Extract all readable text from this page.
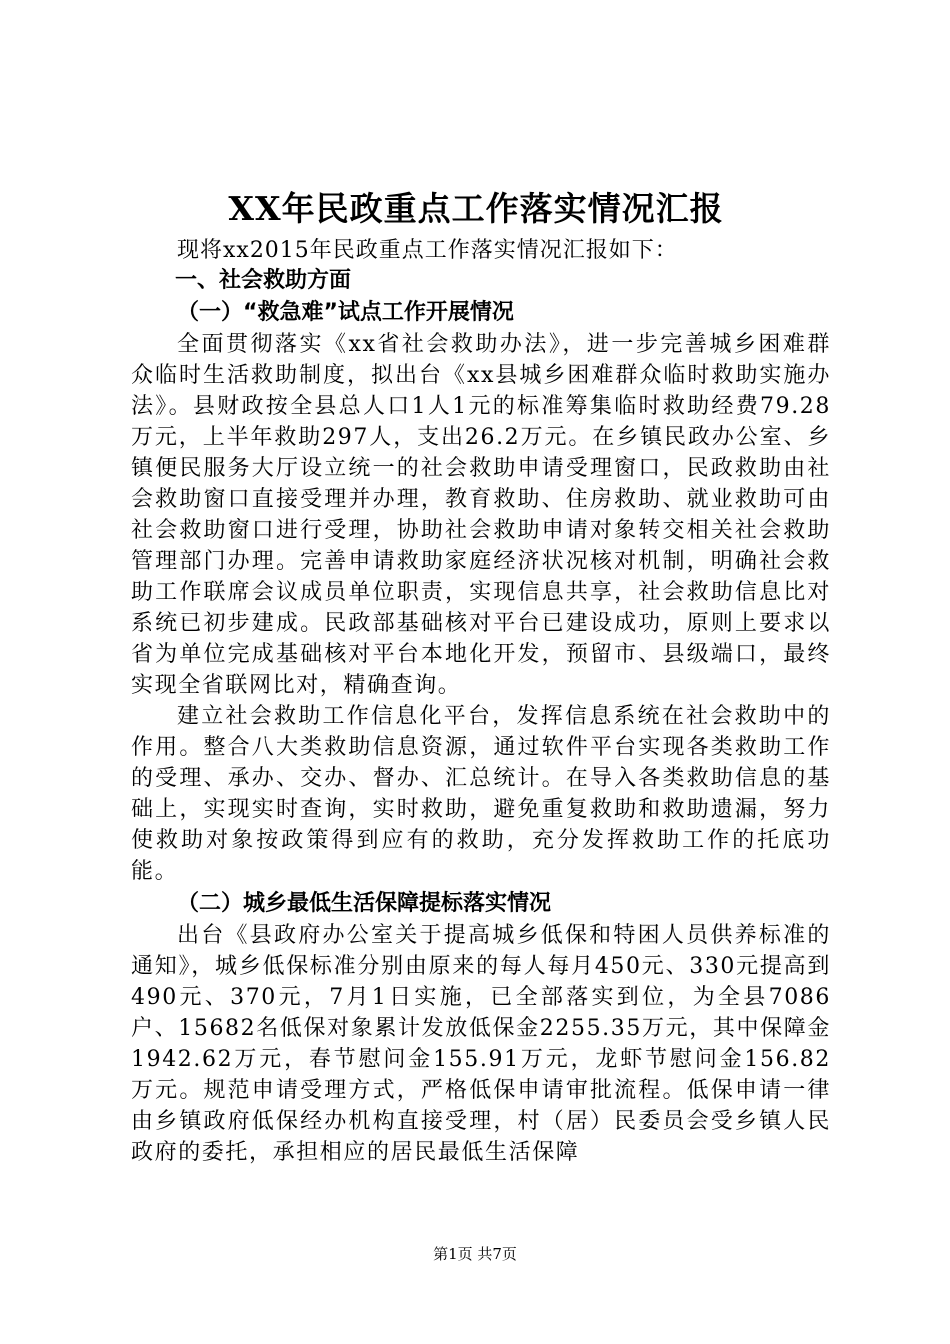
XX年民政重点工作落实情况汇报

现将xx2015年民政重点工作落实情况汇报如下：

一、社会救助方面
（一）“救急难”试点工作开展情况

全面贯彻落实《xx省社会救助办法》，进一步完善城乡困难群众临时生活救助制度，拟出台《xx县城乡困难群众临时救助实施办法》。县财政按全县总人口1人1元的标准筹集临时救助经费79.28万元，上半年救助297人，支出26.2万元。在乡镇民政办公室、乡镇便民服务大厅设立统一的社会救助申请受理窗口，民政救助由社会救助窗口直接受理并办理，教育救助、住房救助、就业救助可由社会救助窗口进行受理，协助社会救助申请对象转交相关社会救助管理部门办理。完善申请救助家庭经济状况核对机制，明确社会救助工作联席会议成员单位职责，实现信息共享，社会救助信息比对系统已初步建成。民政部基础核对平台已建设成功，原则上要求以省为单位完成基础核对平台本地化开发，预留市、县级端口，最终实现全省联网比对，精确查询。

建立社会救助工作信息化平台，发挥信息系统在社会救助中的作用。整合八大类救助信息资源，通过软件平台实现各类救助工作的受理、承办、交办、督办、汇总统计。在导入各类救助信息的基础上，实现实时查询，实时救助，避免重复救助和救助遗漏，努力使救助对象按政策得到应有的救助，充分发挥救助工作的托底功能。

（二）城乡最低生活保障提标落实情况

出台《县政府办公室关于提高城乡低保和特困人员供养标准的通知》，城乡低保标准分别由原来的每人每月450元、330元提高到490元、370元，7月1日实施，已全部落实到位，为全县7086户、15682名低保对象累计发放低保金2255.35万元，其中保障金1942.62万元，春节慰问金155.91万元，龙虾节慰问金156.82万元。规范申请受理方式，严格低保申请审批流程。低保申请一律由乡镇政府低保经办机构直接受理，村（居）民委员会受乡镇人民政府的委托，承担相应的居民最低生活保障

第1页 共7页
